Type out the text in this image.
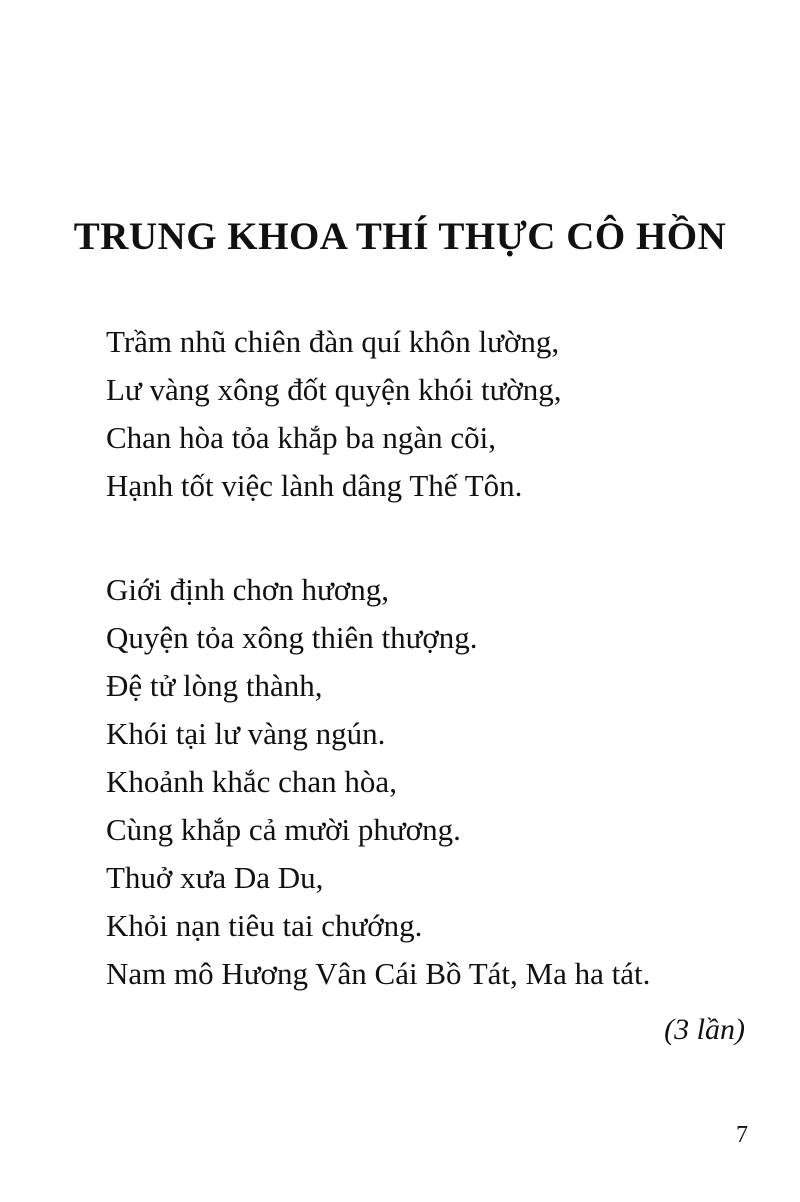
TRUNG KHOA THÍ THỰC CÔ HỒN
Trầm nhũ chiên đàn quí khôn lường,
Lư vàng xông đốt quyện khói tường,
Chan hòa tỏa khắp ba ngàn cõi,
Hạnh tốt việc lành dâng Thế Tôn.
Giới định chơn hương,
Quyện tỏa xông thiên thượng.
Đệ tử lòng thành,
Khói tại lư vàng ngún.
Khoảnh khắc chan hòa,
Cùng khắp cả mười phương.
Thuở xưa Da Du,
Khỏi nạn tiêu tai chướng.
Nam mô Hương Vân Cái Bồ Tát, Ma ha tát.
(3 lần)
7
